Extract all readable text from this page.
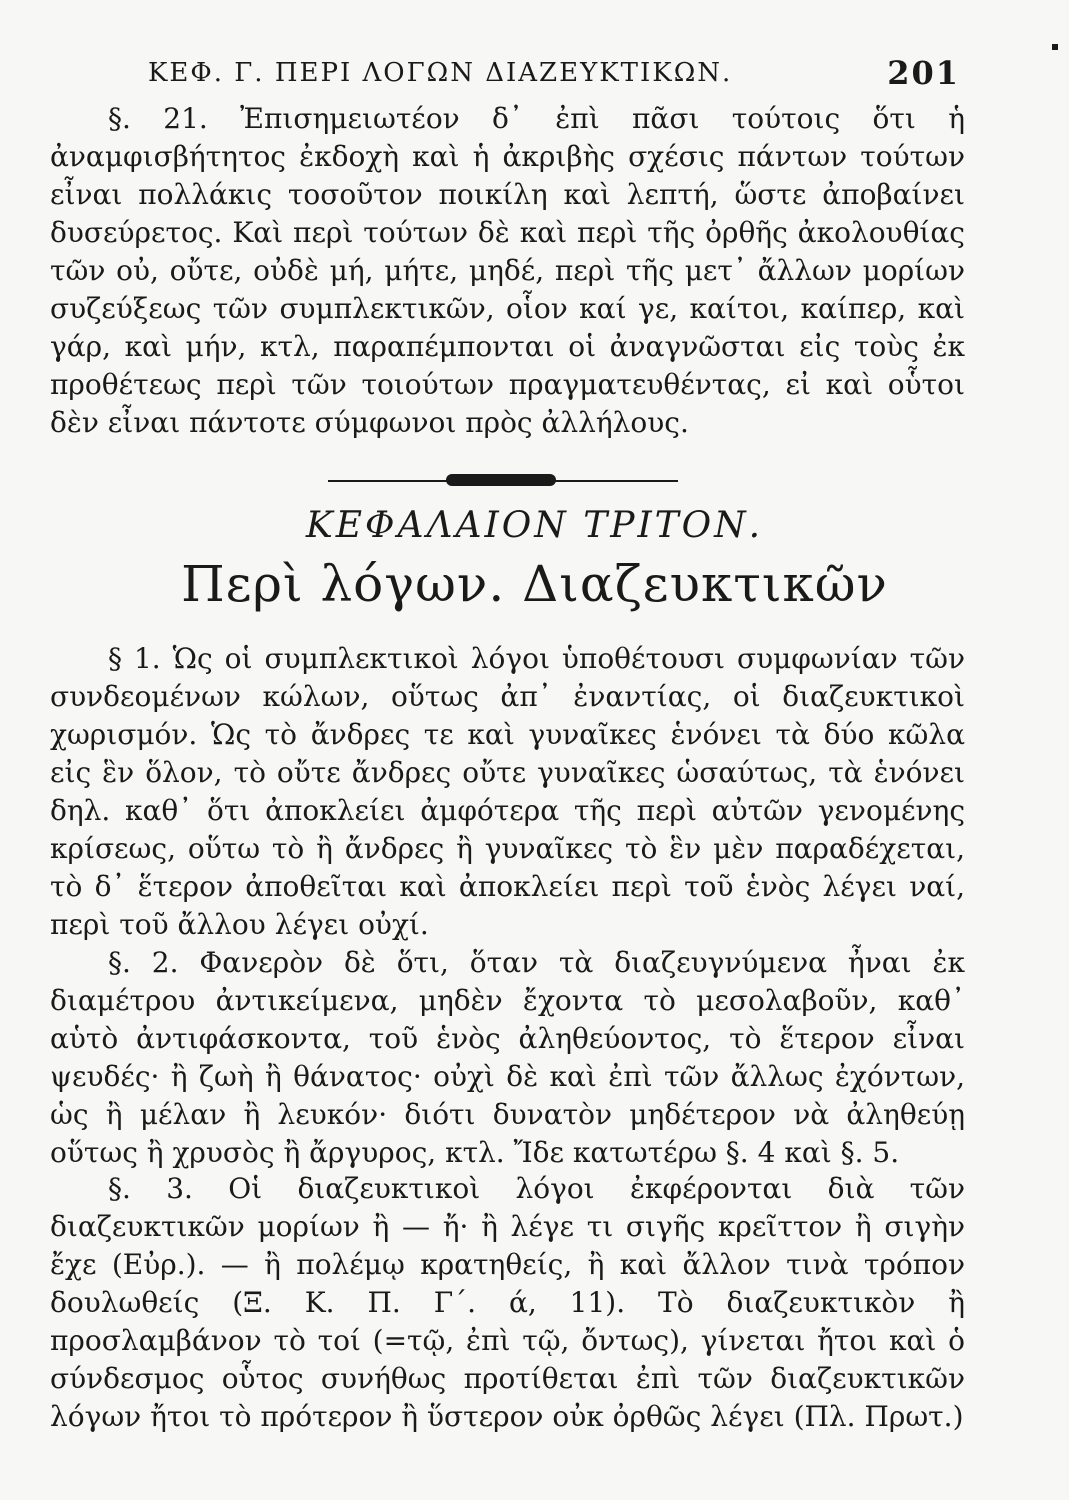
ΚΕΦ. Γ. ΠΕΡΙ ΛΟΓΩΝ ΔΙΑΖΕΥΚΤΙΚΩΝ.	201

§. 21. Ἐπισημειωτέον δ᾽ ἐπὶ πᾶσι τούτοις ὅτι ἡ ἀναμφισβήτητος ἐκδοχὴ καὶ ἡ ἀκριβὴς σχέσις πάντων τούτων εἶναι πολλάκις τοσοῦτον ποικίλη καὶ λεπτή, ὥστε ἀποβαίνει δυσεύρετος. Καὶ περὶ τούτων δὲ καὶ περὶ τῆς ὀρθῆς ἀκολουθίας τῶν οὐ, οὔτε, οὐδὲ μή, μήτε, μηδέ, περὶ τῆς μετ᾽ ἄλλων μορίων συζεύξεως τῶν συμπλεκτικῶν, οἷον καί γε, καίτοι, καίπερ, καὶ γάρ, καὶ μήν, κτλ, παραπέμπονται οἱ ἀναγνῶσται εἰς τοὺς ἐκ προθέτεως περὶ τῶν τοιούτων πραγματευθέντας, εἰ καὶ οὗτοι δὲν εἶναι πάντοτε σύμφωνοι πρὸς ἀλλήλους.

ΚΕΦΑΛΑΙΟΝ ΤΡΙΤΟΝ.
Περὶ λόγων. Διαζευκτικῶν

§ 1. Ὡς οἱ συμπλεκτικοὶ λόγοι ὑποθέτουσι συμφωνίαν τῶν συνδεομένων κώλων, οὕτως ἀπ᾽ ἐναντίας, οἱ διαζευκτικοὶ χωρισμόν. Ὡς τὸ ἄνδρες τε καὶ γυναῖκες ἑνόνει τὰ δύο κῶλα εἰς ἓν ὅλον, τὸ οὔτε ἄνδρες οὔτε γυναῖκες ὡσαύτως, τὰ ἑνόνει δηλ. καθ᾽ ὅτι ἀποκλείει ἀμφότερα τῆς περὶ αὐτῶν γενομένης κρίσεως, οὕτω τὸ ἢ ἄνδρες ἢ γυναῖκες τὸ ἓν μὲν παραδέχεται, τὸ δ᾽ ἕτερον ἀποθεῖται καὶ ἀποκλείει περὶ τοῦ ἑνὸς λέγει ναί, περὶ τοῦ ἄλλου λέγει οὐχί.

§. 2. Φανερὸν δὲ ὅτι, ὅταν τὰ διαζευγνύμενα ἦναι ἐκ διαμέτρου ἀντικείμενα, μηδὲν ἔχοντα τὸ μεσολαβοῦν, καθ᾽ αὑτὸ ἀντιφάσκοντα, τοῦ ἑνὸς ἀληθεύοντος, τὸ ἕτερον εἶναι ψευδές· ἢ ζωὴ ἢ θάνατος· οὐχὶ δὲ καὶ ἐπὶ τῶν ἄλλως ἐχόντων, ὡς ἢ μέλαν ἢ λευκόν· διότι δυνατὸν μηδέτερον νὰ ἀληθεύῃ οὕτως ἢ χρυσὸς ἢ ἄργυρος, κτλ. Ἴδε κατωτέρω §. 4 καὶ §. 5.

§. 3. Οἱ διαζευκτικοὶ λόγοι ἐκφέρονται διὰ τῶν διαζευκτικῶν μορίων ἢ — ἤ· ἢ λέγε τι σιγῆς κρεῖττον ἢ σιγὴν ἔχε (Εὐρ.). — ἢ πολέμῳ κρατηθείς, ἢ καὶ ἄλλον τινὰ τρόπον δουλωθείς (Ξ. Κ. Π. Γ΄. ά, 11). Τὸ διαζευκτικὸν ἢ προσλαμβάνον τὸ τοί (=τῷ, ἐπὶ τῷ, ὄντως), γίνεται ἤτοι καὶ ὁ σύνδεσμος οὗτος συνήθως προτίθεται ἐπὶ τῶν διαζευκτικῶν λόγων ἤτοι τὸ πρότερον ἢ ὕστερον οὐκ ὀρθῶς λέγει (Πλ. Πρωτ.)
